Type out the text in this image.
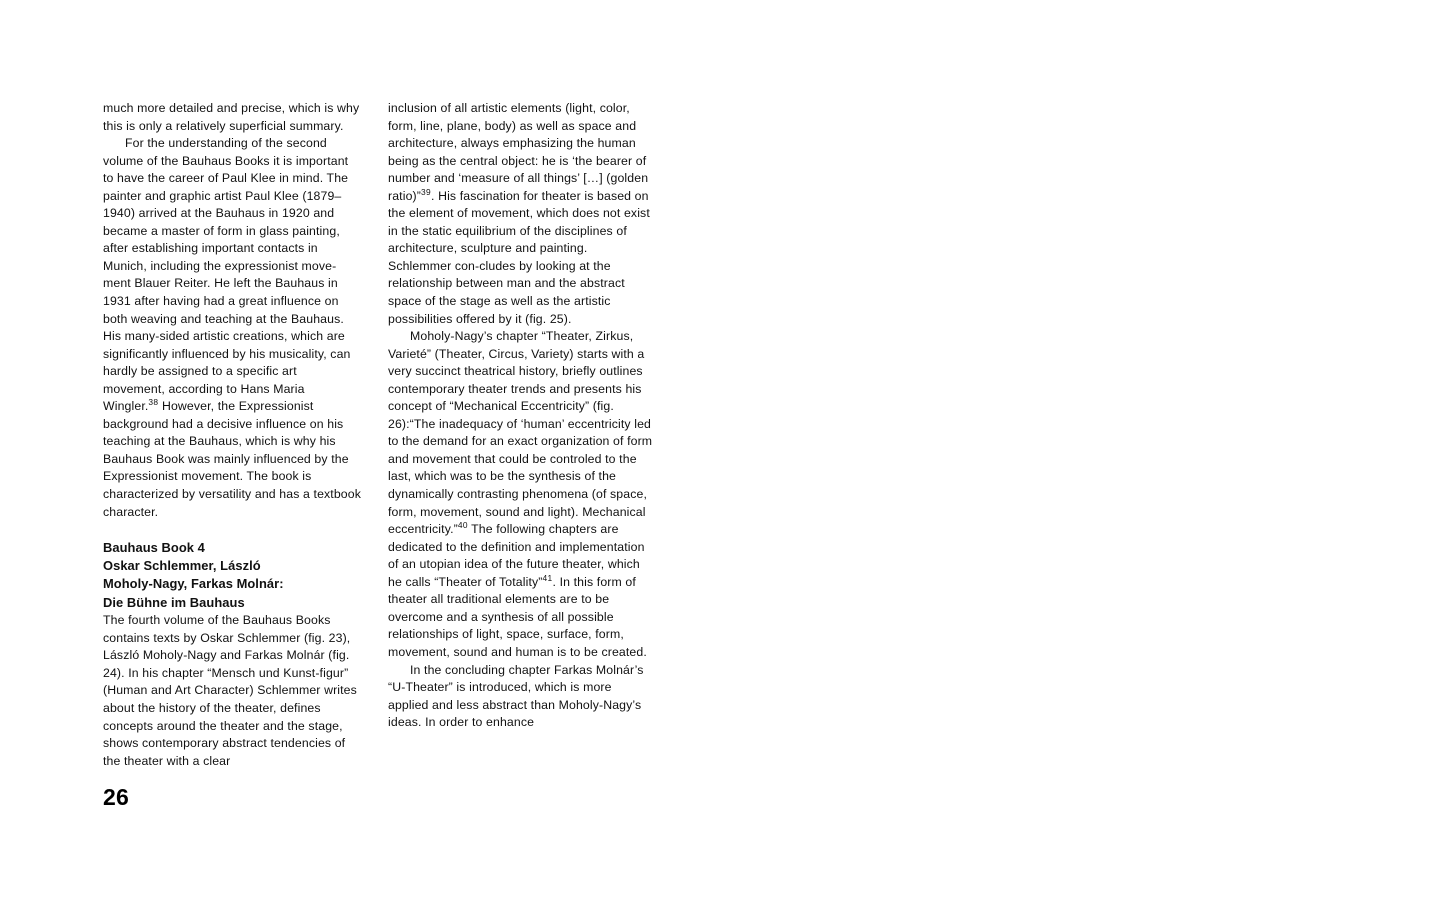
much more detailed and precise, which is why this is only a relatively superficial summary.

For the understanding of the second volume of the Bauhaus Books it is important to have the career of Paul Klee in mind. The painter and graphic artist Paul Klee (1879–1940) arrived at the Bauhaus in 1920 and became a master of form in glass painting, after establishing important contacts in Munich, including the expressionist move-ment Blauer Reiter. He left the Bauhaus in 1931 after having had a great influence on both weaving and teaching at the Bauhaus. His many-sided artistic creations, which are significantly influenced by his musicality, can hardly be assigned to a specific art movement, according to Hans Maria Wingler.$^{38}$ However, the Expressionist background had a decisive influence on his teaching at the Bauhaus, which is why his Bauhaus Book was mainly influenced by the Expressionist movement. The book is characterized by versatility and has a textbook character.

Bauhaus Book 4
Oskar Schlemmer, László
Moholy-Nagy, Farkas Molnár:
Die Bühne im Bauhaus

The fourth volume of the Bauhaus Books contains texts by Oskar Schlemmer (fig. 23), László Moholy-Nagy and Farkas Molnár (fig. 24). In his chapter “Mensch und Kunst‐figur” (Human and Art Character) Schlemmer writes about the history of the theater, defines concepts around the theater and the stage, shows contemporary abstract tendencies of the theater with a clear

inclusion of all artistic elements (light, color, form, line, plane, body) as well as space and architecture, always emphasizing the human being as the central object: he is ‘the bearer of number and ‘measure of all things’ […] (golden ratio)”$^{39}$. His fascination for theater is based on the element of movement, which does not exist in the static equilibrium of the disciplines of architecture, sculpture and painting. Schlemmer con-cludes by looking at the relationship between man and the abstract space of the stage as well as the artistic possibilities offered by it (fig. 25).

Moholy-Nagy’s chapter “Theater, Zirkus, Varieté” (Theater, Circus, Variety) starts with a very succinct theatrical history, briefly outlines contemporary theater trends and presents his concept of “Mechanical Eccentricity” (fig. 26):“The inadequacy of ‘human’ eccentricity led to the demand for an exact organization of form and movement that could be controled to the last, which was to be the synthesis of the dynamically contrasting phenomena (of space, form, movement, sound and light). Mechanical eccentricity.”$^{40}$ The following chapters are dedicated to the definition and implementation of an utopian idea of the future theater, which he calls “Theater of Totality”$^{41}$. In this form of theater all traditional elements are to be overcome and a synthesis of all possible relationships of light, space, surface, form, movement, sound and human is to be created.

In the concluding chapter Farkas Molnár’s “U-Theater” is introduced, which is more applied and less abstract than Moholy-Nagy’s ideas. In order to enhance

26
